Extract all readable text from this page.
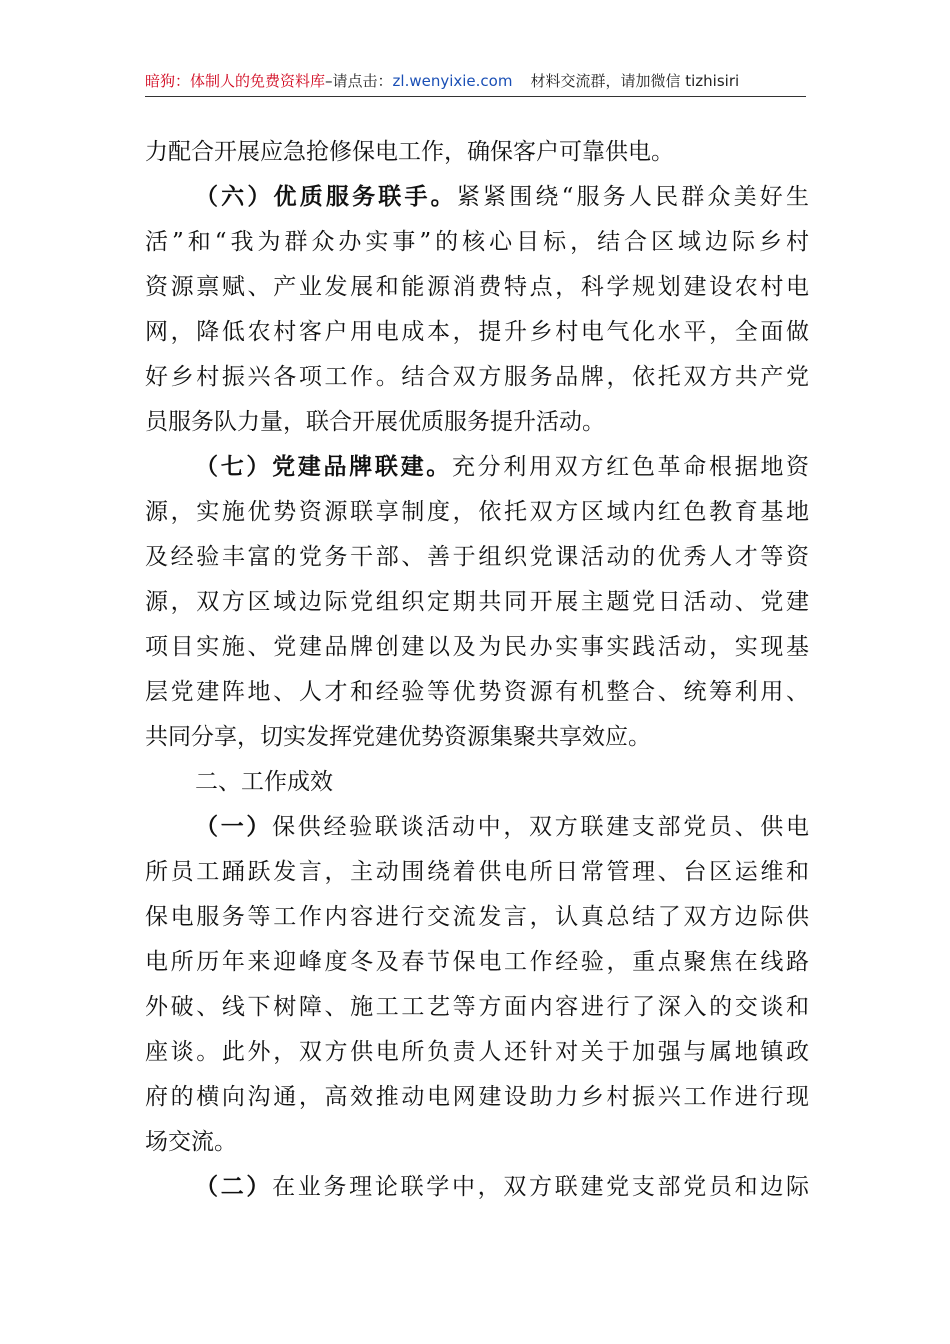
暗狗：体制人的免费资料库–请点击：zl.wenyixie.com 材料交流群，请加微信 tizhisiri
力配合开展应急抢修保电工作，确保客户可靠供电。
（六）优质服务联手。紧紧围绕“服务人民群众美好生
活”和“我为群众办实事”的核心目标，结合区域边际乡村
资源禀赋、产业发展和能源消费特点，科学规划建设农村电
网，降低农村客户用电成本，提升乡村电气化水平，全面做
好乡村振兴各项工作。结合双方服务品牌，依托双方共产党
员服务队力量，联合开展优质服务提升活动。
（七）党建品牌联建。充分利用双方红色革命根据地资
源，实施优势资源联享制度，依托双方区域内红色教育基地
及经验丰富的党务干部、善于组织党课活动的优秀人才等资
源，双方区域边际党组织定期共同开展主题党日活动、党建
项目实施、党建品牌创建以及为民办实事实践活动，实现基
层党建阵地、人才和经验等优势资源有机整合、统筹利用、
共同分享，切实发挥党建优势资源集聚共享效应。
二、工作成效
（一）保供经验联谈活动中，双方联建支部党员、供电
所员工踊跃发言，主动围绕着供电所日常管理、台区运维和
保电服务等工作内容进行交流发言，认真总结了双方边际供
电所历年来迎峰度冬及春节保电工作经验，重点聚焦在线路
外破、线下树障、施工工艺等方面内容进行了深入的交谈和
座谈。此外，双方供电所负责人还针对关于加强与属地镇政
府的横向沟通，高效推动电网建设助力乡村振兴工作进行现
场交流。
（二）在业务理论联学中，双方联建党支部党员和边际
